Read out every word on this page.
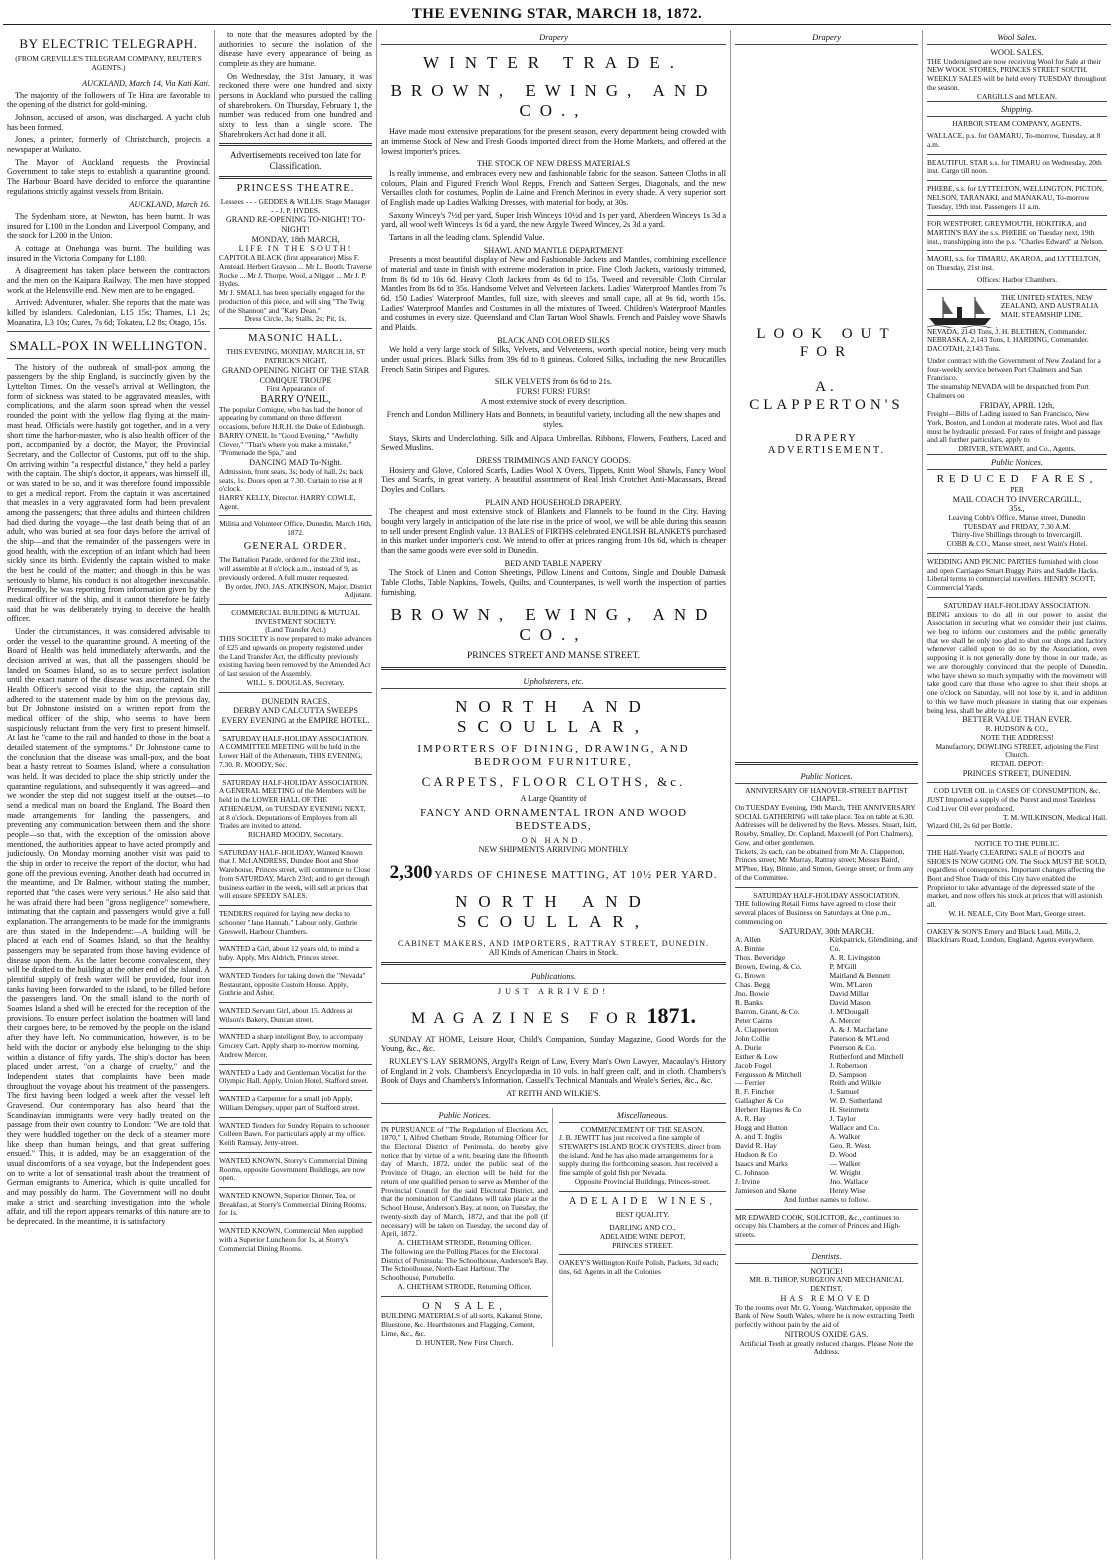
THE EVENING STAR, MARCH 18, 1872.
BY ELECTRIC TELEGRAPH.
(FROM GREVILLE'S TELEGRAM COMPANY, REUTER'S AGENTS.)
AUCKLAND, March 14, Via Kati Kati.

The majority of the followers of Te Hira are favorable to the opening of the district for gold-mining.

Johnson, accused of arson, was discharged. A yacht club has been formed.

Jones, a printer, formerly of Christchurch, projects a newspaper at Waikato.

The Mayor of Auckland requests the Provincial Government to take steps to establish a quarantine ground. The Harbour Board have decided to enforce the quarantine regulations strictly against vessels from Britain.

AUCKLAND, March 16.

The Sydenham store, at Newton, has been burnt. It was insured for L100 in the London and Liverpool Company, and the stock for L200 in the Union.

A cottage at Onehunga was burnt. The building was insured in the Victoria Company for L180.

A disagreement has taken place between the contractors and the men on the Kaipara Railway. The men have stopped work at the Helensville end. New men are to be engaged.

Arrived: Adventurer, whaler. She reports that the mate was killed by islanders. Caledonian, L15 15s; Thames, L1 2s; Moanatira, L3 10s; Cures, 7s 6d; Tokatea, L2 8s; Otago, 15s.

SMALL-POX IN WELLINGTON.

The history of the outbreak of small-pox among the passengers by the ship England, is succinctly given by the Lyttelton Times. On the vessel's arrival at Wellington, the form of sickness was stated to be aggravated measles, with complications, and the alarm soon spread when the vessel rounded the point with the yellow flag flying at the main-mast head. Officials were hastily got together, and in a very short time the harbor-master, who is also health officer of the port, accompanied by a doctor, the Mayor, the Provincial Secretary, and the Collector of Customs, put off to the ship. On arriving within "a respectful distance," they held a parley with the captain. The ship's doctor, it appears, was himself ill, or was stated to be so, and it was therefore found impossible to get a medical report. From the captain it was ascertained that measles in a very aggravated form had been prevalent among the passengers; that three adults and thirteen children had died during the voyage—the last death being that of an adult, who was buried at sea four days before the arrival of the ship—and that the remainder of the passengers were in good health, with the exception of an infant which had been sickly since its birth. Evidently the captain wished to make the best he could of the matter; and though in this he was seriously to blame, his conduct is not altogether inexcusable. Presumedly, he was reporting from information given by the medical officer of the ship, and it cannot therefore be fairly said that he was deliberately trying to deceive the health officer.

Under the circumstances, it was considered advisable to order the vessel to the quarantine ground. A meeting of the Board of Health was held immediately afterwards, and the decision arrived at was, that all the passengers should be landed on Soames Island, so as to secure perfect isolation until the exact nature of the disease was ascertained. On the Health Officer's second visit to the ship, the captain still adhered to the statement made by him on the previous day, but Dr Johnstone insisted on a written report from the medical officer of the ship, who seems to have been suspiciously reluctant from the very first to present himself. At last he "came to the rail and handed to those in the boat a detailed statement of the symptoms." Dr Johnstone came to the conclusion that the disease was small-pox, and the boat beat a hasty retreat to Soames Island, where a consultation was held. It was decided to place the ship strictly under the quarantine regulations, and subsequently it was agreed—and we wonder the step did not suggest itself at the outset—to send a medical man on board the England. The Board then made arrangements for landing the passengers, and preventing any communication between them and the shore people—so that, with the exception of the omission above mentioned, the authorities appear to have acted promptly and judiciously. On Monday morning another visit was paid to the ship in order to receive the report of the doctor, who had gone off the previous evening. Another death had occurred in the meantime, and Dr Balmer, without stating the number, reported that "the cases were very serious." He also said that he was afraid there had been "gross negligence" somewhere, intimating that the captain and passengers would give a full explanation. The arrangements to be made for the immigrants are thus stated in the Independent:—A building will be placed at each end of Soames Island, so that the healthy passengers may be separated from those having evidence of disease upon them. As the latter become convalescent, they will be drafted to the building at the other end of the island. A plentiful supply of fresh water will be provided, four iron tanks having been forwarded to the island, to be filled before the passengers land. On the small island to the north of Soames Island a shed will be erected for the reception of the provisions. To ensure perfect isolation the boatmen will land their cargoes here, to be removed by the people on the island after they have left. No communication, however, is to be held with the doctor or anybody else belonging to the ship within a distance of fifty yards. The ship's doctor has been placed under arrest, "on a charge of cruelty," and the Independent states that complaints have been made throughout the voyage about his treatment of the passengers. The first having been lodged a week after the vessel left Gravesend. Our contemporary has also heard that the Scandinavian immigrants were very badly treated on the passage from their own country to London: "We are told that they were huddled together on the deck of a steamer more like sheep than human beings, and that great suffering ensued." This, it is added, may be an exaggeration of the usual discomforts of a sea voyage, but the Independent goes on to write a lot of sensational trash about the treatment of German emigrants to America, which is quite uncalled for and may possibly do harm. The Government will no doubt make a strict and searching investigation into the whole affair, and till the report appears remarks of this nature are to be deprecated. In the meantime, it is satisfactory

to note that the measures adopted by the authorities to secure the isolation of the disease have every appearance of being as complete as they are humane.

On Wednesday, the 31st January, it was reckoned there were one hundred and sixty persons in Auckland who pursued the calling of sharebrokers. On Thursday, February 1, the number was reduced from one hundred and sixty to less than a single score. The Sharebrokers Act had done it all.

Advertisements received too late for Classification.
PRINCESS THEATRE.
Lessees - - - GEDDES & WILLIS. Stage Manager - - J. P. HYDES.
GRAND RE-OPENING TO-NIGHT! TO-NIGHT!
MONDAY, 18th MARCH,
LIFE IN THE SOUTH!
CAPITOLA BLACK (first appearance) Miss F. Anstead. Herbert Grayson ... Mr L. Booth. Traverse Rocke ... Mr J. Thorpe. Wool, a Nigger ... Mr J. P. Hydes.
Mr J. SMALL has been specially engaged for the production of this piece, and will sing "The Twig of the Shannon" and "Katy Dean."
Dress Circle, 3s; Stalls, 2s; Pit, 1s.
MASONIC HALL.
THIS EVENING, MONDAY, MARCH 18, ST PATRICK'S NIGHT,
GRAND OPENING NIGHT OF THE STAR COMIQUE TROUPE
First Appearance of
BARRY O'NEIL,
The popular Comique, who has had the honor of appearing by command on three different occasions, before H.R.H. the Duke of Edinburgh.
BARRY O'NEIL In "Good Evening," "Awfully Clever," "That's where you make a mistake," "Promenade the Spa," and
DANCING MAD To-Night.
Admission, front seats, 3s; body of hall, 2s; back seats, 1s. Doors open at 7.30. Curtain to rise at 8 o'clock.
HARRY KELLY, Director. HARRY COWLE, Agent.
Militia and Volunteer Office, Dunedin, March 16th, 1872.
GENERAL ORDER.
The Battalion Parade, ordered for the 23rd inst., will assemble at 8 o'clock a.m., instead of 9, as previously ordered. A full muster requested.
By order, JNO. JAS. ATKINSON, Major, District Adjutant.
COMMERCIAL BUILDING & MUTUAL INVESTMENT SOCIETY.
(Land Transfer Act.)
THIS SOCIETY is now prepared to make advances of £25 and upwards on property registered under the Land Transfer Act, the difficulty previously existing having been removed by the Amended Act of last session of the Assembly.
WILL. S. DOUGLAS, Secretary.
DUNEDIN RACES.
DERBY AND CALCUTTA SWEEPS EVERY EVENING at the EMPIRE HOTEL.
SATURDAY HALF-HOLIDAY ASSOCIATION.
A COMMITTEE MEETING will be held in the Lower Hall of the Athenæum, THIS EVENING, 7.30. R. MOODY, Sec.
SATURDAY HALF-HOLIDAY ASSOCIATION.
A GENERAL MEETING of the Members will be held in the LOWER HALL OF THE ATHENÆUM, on TUESDAY EVENING NEXT, at 8 o'clock. Deputations of Employes from all Trades are invited to attend.
RICHARD MOODY, Secretary.
SATURDAY HALF-HOLIDAY, Wanted Known that J. McLANDRESS, Dundee Boot and Shoe Warehouse, Princes street, will commence to Close from SATURDAY, March 23rd; and to get through business earlier in the week, will sell at prices that will ensure SPEEDY SALES.
TENDERS required for laying new decks to schooner "Jane Hannah." Labour only. Guthrie Greswell, Harbour Chambers.
WANTED a Girl, about 12 years old, to mind a baby. Apply, Mrs Aldrich, Princes street.
WANTED Tenders for taking down the "Nevada" Restaurant, opposite Custom House. Apply, Guthrie and Asher.
WANTED Servant Girl, about 15. Address at Wilson's Bakery, Duncan street.
WANTED a sharp intelligent Boy, to accompany Grocery Cart. Apply sharp to-morrow morning. Andrew Mercer.
WANTED a Lady and Gentleman Vocalist for the Olympic Hall. Apply, Union Hotel, Stafford street.
WANTED a Carpenter for a small job Apply, William Dempsey, upper part of Stafford street.
WANTED Tenders for Sundry Repairs to schooner Colleen Bawn. For particulars apply at my office. Keith Ramsay, Jetty-street.
WANTED KNOWN, Storry's Commercial Dining Rooms, opposite Government Buildings, are now open.
WANTED KNOWN, Superior Dinner, Tea, or Breakfast, at Storry's Commercial Dining Rooms, for 1s.
WANTED KNOWN, Commercial Men supplied with a Superior Luncheon for 1s, at Storry's Commercial Dining Rooms.
Drapery
WINTER TRADE.
BROWN, EWING, AND CO.,

Have made most extensive preparations for the present season, every department being crowded with an immense Stock of New and Fresh Goods imported direct from the Home Markets, and offered at the lowest importer's prices.

THE STOCK OF NEW DRESS MATERIALS

Is really immense, and embraces every new and fashionable fabric for the season. Satteen Cloths in all colours, Plain and Figured French Wool Repps, French and Satteen Serges, Diagonals, and the new Versailles cloth for costumes, Poplin de Laine and French Merinos in every shade. A very superior sort of English made up Ladies Walking Dresses, with material for body, at 30s.

Saxony Wincey's 7½d per yard, Super Irish Winceys 10½d and 1s per yard, Aberdeen Winceys 1s 3d a yard, all wool weft Winceys 1s 6d a yard, the new Argyle Tweed Wincey, 2s 3d a yard.

Tartans in all the leading clans. Splendid Value.

SHAWL AND MANTLE DEPARTMENT

Presents a most beautiful display of New and Fashionable Jackets and Mantles, combining excellence of material and taste in finish with extreme moderation in price. Fine Cloth Jackets, variously trimmed, from 8s 6d to 10s 6d. Heavy Cloth Jackets from 4s 6d to 15s. Tweed and reversible Cloth Circular Mantles from 8s 6d to 35s. Handsome Velvet and Velveteen Jackets. Ladies' Waterproof Mantles from 7s 6d. 150 Ladies' Waterproof Mantles, full size, with sleeves and small cape, all at 9s 6d, worth 15s. Ladies' Waterproof Mantles and Costumes in all the mixtures of Tweed. Children's Waterproof Mantles and costumes in every size. Queensland and Clan Tartan Wool Shawls. French and Paisley wove Shawls and Plaids.

BLACK AND COLORED SILKS

We hold a very large stock of Silks, Velvets, and Velveteens, worth special notice, being very much under usual prices. Black Silks from 39s 6d to 8 guineas. Colored Silks, including the new Brocatilles French Satin Stripes and Figures.

SILK VELVETS from 6s 6d to 21s.
FURS! FURS! FURS!
A most extensive stock of every description.
French and London Millinery Hats and Bonnets, in beautiful variety, including all the new shapes and styles.

Stays, Skirts and Underclothing. Silk and Alpaca Umbrellas. Ribbons, Flowers, Feathers, Laced and Sewed Muslins.

DRESS TRIMMINGS AND FANCY GOODS.

Hosiery and Glove, Colored Scarfs, Ladies Wool X Overs, Tippets, Knitt Wool Shawls, Fancy Wool Ties and Scarfs, in great variety. A beautiful assortment of Real Irish Crotchet Anti-Macassars, Bread Doyles and Collars.

PLAIN AND HOUSEHOLD DRAPERY.

The cheapest and most extensive stock of Blankets and Flannels to be found in the City. Having bought very largely in anticipation of the late rise in the price of wool, we will be able during this season to sell under present English value. 13 BALES of FIRTHS celebrated ENGLISH BLANKETS purchased in this market under importer's cost. We intend to offer at prices ranging from 10s 6d, which is cheaper than the same goods were ever sold in Dunedin.

BED AND TABLE NAPERY

The Stock of Linen and Cotton Sheetings, Pillow Linens and Cottons, Single and Double Damask Table Cloths, Table Napkins, Towels, Quilts, and Counterpanes, is well worth the inspection of parties furnishing.

BROWN, EWING, AND CO.,
PRINCES STREET AND MANSE STREET.
Upholsterers, etc.
NORTH AND SCOULLAR,
IMPORTERS OF DINING, DRAWING, AND BEDROOM FURNITURE,
CARPETS, FLOOR CLOTHS, &c.
A Large Quantity of
FANCY AND ORNAMENTAL IRON AND WOOD BEDSTEADS,
ON HAND.
NEW SHIPMENTS ARRIVING MONTHLY
2,300 YARDS OF CHINESE MATTING, AT 10½ PER YARD.
NORTH AND SCOULLAR,
CABINET MAKERS, AND IMPORTERS, RATTRAY STREET, DUNEDIN.
All Kinds of American Chairs in Stock.
Publications.
JUST ARRIVED!
MAGAZINES FOR 1871.

SUNDAY AT HOME, Leisure Hour, Child's Companion, Sunday Magazine, Good Words for the Young, &c., &c.

RUXLEY'S LAY SERMONS, Argyll's Reign of Law, Every Man's Own Lawyer, Macaulay's History of England in 2 vols. Chambers's Encyclopædia in 10 vols. in half green calf, and in cloth. Chambers's Book of Days and Chambers's Information. Cassell's Technical Manuals and Weale's Series, &c., &c.

AT REITH AND WILKIE'S.
Public Notices.
IN PURSUANCE of "The Regulation of Elections Act, 1870," I, Alfred Chetham Strode, Returning Officer for the Electoral District of Peninsula, do hereby give notice that by virtue of a writ, bearing date the fifteenth day of March, 1872, under the public seal of the Province of Otago, an election will be held for the return of one qualified person to serve as Member of the Provincial Council for the said Electoral District, and that the nomination of Candidates will take place at the School House, Anderson's Bay, at noon, on Tuesday, the twenty-sixth day of March, 1872, and that the poll (if necessary) will be taken on Tuesday, the second day of April, 1872.
A. CHETHAM STRODE, Returning Officer.
The following are the Polling Places for the Electoral District of Peninsula: The Schoolhouse, Anderson's Bay. The Schoolhouse, North-East Harbour. The Schoolhouse, Portobello.
A. CHETHAM STRODE, Returning Officer.
ON SALE,
BUILDING MATERIALS of all sorts, Kakanui Stone, Bluestone, &c. Hearthstones and Flagging, Cement, Lime, &c., &c.
D. HUNTER, New First Church.
Miscellaneous.
COMMENCEMENT OF THE SEASON.
J. B. JEWITT has just received a fine sample of STEWART'S ISLAND ROCK OYSTERS, direct from the island. And he has also made arrangements for a supply during the forthcoming season. Just received a fine sample of gold fish per Nevada.
Opposite Provincial Buildings, Princes-street.
ADELAIDE WINES,
BEST QUALITY.
DARLING AND CO.,
ADELAIDE WINE DEPOT,
PRINCES STREET.
OAKEY'S Wellington Knife Polish, Packets, 3d each; tins, 6d. Agents in all the Colonies
Drapery
LOOK OUT FOR
A. CLAPPERTON'S
DRAPERY ADVERTISEMENT.
Public Notices.
ANNIVERSARY OF HANOVER-STREET BAPTIST CHAPEL.
On TUESDAY Evening, 19th March, THE ANNIVERSARY SOCIAL GATHERING will take place. Tea on table at 6.30.
Addresses will be delivered by the Revs. Messrs. Stuart, Isitt, Roseby, Smalley, Dr. Copland, Maxwell (of Port Chalmers), Gow, and other gentlemen.
Tickets, 2s each, can be obtained from Mr A. Clapperton, Princes street; Mr Murray, Rattray street; Messrs Baird, M'Phee, Hay, Binnie, and Simon, George street; or from any of the Committee.
SATURDAY HALF-HOLIDAY ASSOCIATION.
THE following Retail Firms have agreed to close their several places of Business on Saturdays at One p.m., commencing on
SATURDAY, 30th MARCH.
A. Allen
A. Binnie
Thos. Beveridge
Brown, Ewing, & Co.
G. Brown
Chas. Begg
Jno. Bowie
R. Banks
Barron, Grant, & Co.
Peter Cairns
A. Clapperton
John Collie
A. Durie
Esther & Low
Jacob Fogel
Fergusson & Mitchell
— Ferrier
R. F. Fincher
Gallagher & Co
Herbert Haynes & Co
A. R. Hay
Hogg and Hutton
A. and T. Inglis
David R. Hay
Hudson & Co
Isaacs and Marks
C. Johnson
J. Irvine
Jamieson and Skene
Kirkpatrick, Glendining, and Co.
A. R. Livingston
P. M'Gill
Maitland & Bennett
Wm. M'Laren
David Millar
David Mason
J. M'Dougall
A. Mercer
A. & J. Macfarlane
Paterson & M'Leod
Peterson & Co.
Rutherford and Mitchell
J. Robertson
D. Sampson
Reith and Wilkie
J. Samuel
W. D. Sutherland
H. Steinmetz
J. Taylor
Wallace and Co.
A. Walker
Geo. R. West.
D. Wood
— Walker
W. Wright
Jno. Wallace
Henry Wise
And further names to follow.
MR EDWARD COOK, SOLICITOR, &c., continues to occupy his Chambers at the corner of Princes and High-streets.
Dentists.
NOTICE!
MR. B. THROP, SURGEON AND MECHANICAL DENTIST,
HAS REMOVED
To the rooms over Mr. G. Young, Watchmaker, opposite the Bank of New South Wales, where he is now extracting Teeth perfectly without pain by the aid of
NITROUS OXIDE GAS.
Artificial Teeth at greatly reduced charges. Please Note the Address.
Wool Sales.
WOOL SALES.
THE Undersigned are now receiving Wool for Sale at their NEW WOOL STORES, PRINCES STREET SOUTH.
WEEKLY SALES will be held every TUESDAY throughout the season.
CARGILLS and M'LEAN.
Shipping.
HARBOR STEAM COMPANY, AGENTS.
WALLACE, p.s. for OAMARU, To-morrow, Tuesday, at 8 a.m.
BEAUTIFUL STAR s.s. for TIMARU on Wednesday, 20th inst. Cargo till noon.
PHŒBE, s.s. for LYTTELTON, WELLINGTON, PICTON, NELSON, TARANAKI, and MANAKAU, To-morrow Tuesday, 19th inst. Passengers 11 a.m.
FOR WESTPORT, GREYMOUTH, HOKITIKA, and MARTIN'S BAY the s.s. PHŒBE on Tuesday next, 19th inst., transhipping into the p.s. "Charles Edward" at Nelson.
MAORI, s.s. for TIMARU, AKAROA, and LYTTELTON, on Thursday, 21st inst.
Offices: Harbor Chambers.
THE UNITED STATES, NEW ZEALAND, AND AUSTRALIA MAIL STEAMSHIP LINE.
NEVADA, 2143 Tons, J. H. BLETHEN, Commander.
NEBRASKA, 2,143 Tons, I. HARDING, Commander.
DACOTAH, 2,143 Tons.
Under contract with the Government of New Zealand for a four-weekly service between Port Chalmers and San Francisco.
The steamship NEVADA will be despatched from Port Chalmers on
FRIDAY, APRIL 12th,
Freight—Bills of Lading issued to San Francisco, New York, Boston, and London at moderate rates. Wool and flax must be hydraulic pressed. For rates of freight and passage and all further particulars, apply to
DRIVER, STEWART, and Co., Agents.
Public Notices.
REDUCED FARES,
PER
MAIL COACH TO INVERCARGILL,
35s.,
Leaving Cobb's Office, Manse street, Dunedin
TUESDAY and FRIDAY, 7.30 A.M.
Thirty-five Shillings through to Invercargill.
COBB & CO., Manse street, next Wain's Hotel.
WEDDING AND PICNIC PARTIES furnished with close and open Carriages Smart Buggy Pairs and Saddle Hacks. Liberal terms to commercial travellers. HENRY SCOTT, Commercial Yards.
SATURDAY HALF-HOLIDAY ASSOCIATION.
BEING anxious to do all in our power to assist the Association in securing what we consider their just claims, we beg to inform our customers and the public generally that we shall be only too glad to shut our shops and factory whenever called upon to do so by the Association, even supposing it is not generally done by those in our trade, as we are thoroughly convinced that the people of Dunedin, who have shewn so much sympathy with the movement will take good care that those who agree to shut their shops at one o'clock on Saturday, will not lose by it, and in addition to this we have much pleasure in stating that our expenses being less, shall be able to give
BETTER VALUE THAN EVER.
R. HUDSON & CO.,
NOTE THE ADDRESS!
Manufactory, DOWLING STREET, adjoining the First Church.
RETAIL DEPOT:
PRINCES STREET, DUNEDIN.
COD LIVER OIL in CASES OF CONSUMPTION, &c.
JUST Imported a supply of the Purest and most Tasteless Cod Liver Oil ever produced.
T. M. WILKINSON, Medical Hall.
Wizard Oil, 2s 6d per Bottle.
NOTICE TO THE PUBLIC.
THE Half-Yearly CLEARING SALE of BOOTS and SHOES IS NOW GOING ON. The Stock MUST BE SOLD, regardless of consequences. Important changes affecting the Boot and Shoe Trade of this City have enabled the Proprietor to take advantage of the depressed state of the market, and now offers his stock at prices that will astonish all.
W. H. NEALE, City Boot Mart, George street.
OAKEY & SON'S Emery and Black Lead, Mills, 2, Blackfriars Road, London, England. Agents everywhere.
